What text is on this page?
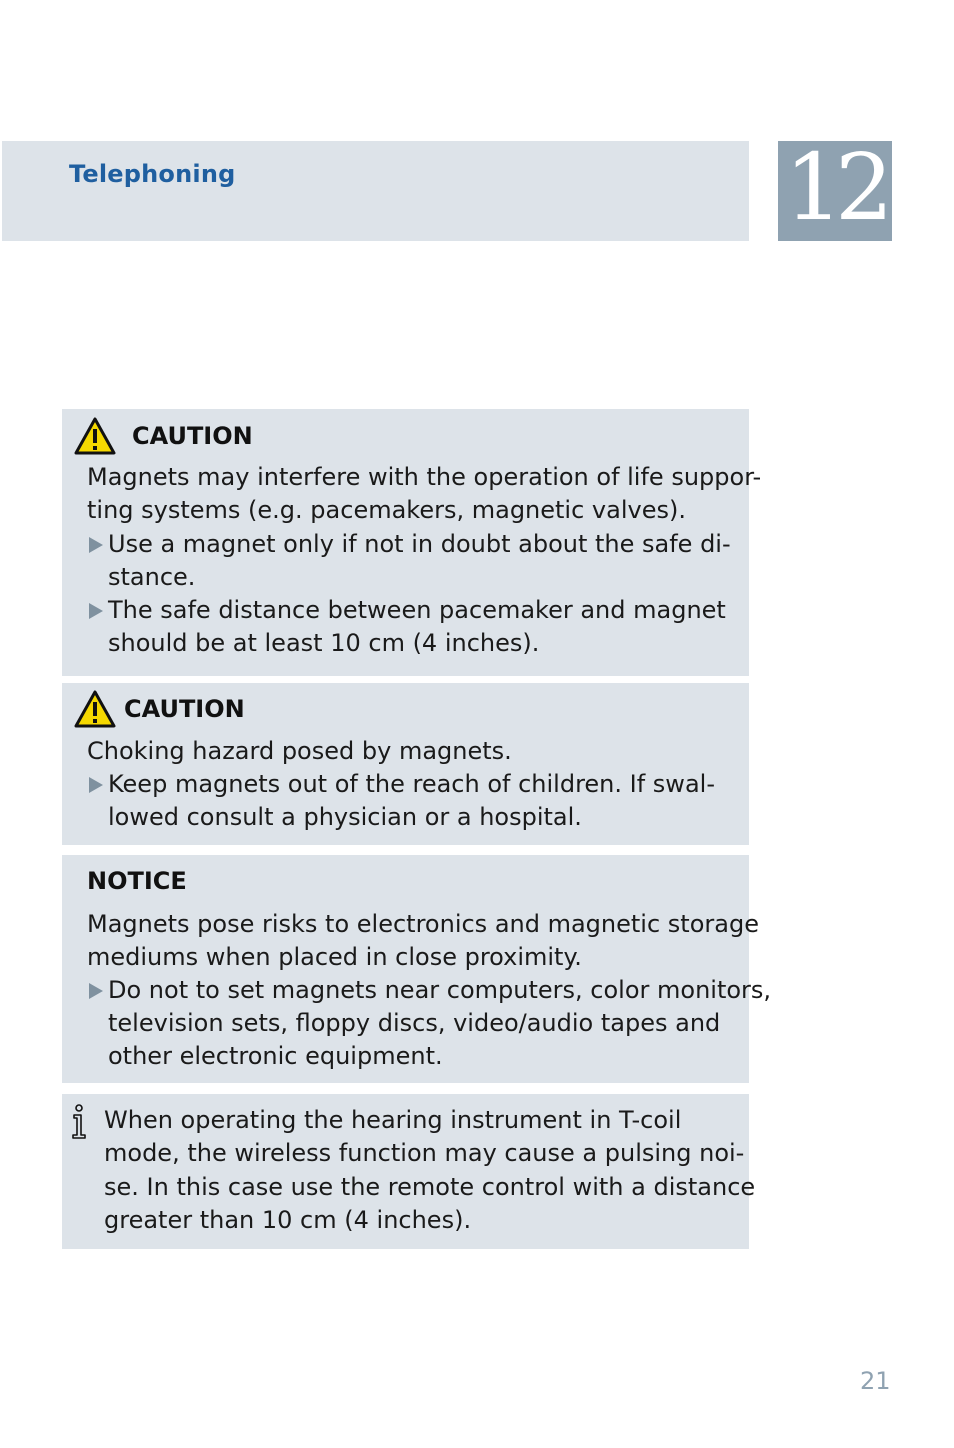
Telephoning	12
CAUTION
Magnets may interfere with the operation of life suppor-
ting systems (e.g. pacemakers, magnetic valves).
Use a magnet only if not in doubt about the safe di-
stance.
The safe distance between pacemaker and magnet
should be at least 10 cm (4 inches).
CAUTION
Choking hazard posed by magnets.
Keep magnets out of the reach of children. If swal-
lowed consult a physician or a hospital.
NOTICE
Magnets pose risks to electronics and magnetic storage
mediums when placed in close proximity.
Do not to set magnets near computers, color monitors,
television sets, floppy discs, video/audio tapes and
other electronic equipment.
When operating the hearing instrument in T-coil
mode, the wireless function may cause a pulsing noi-
se. In this case use the remote control with a distance
greater than 10 cm (4 inches).
21
